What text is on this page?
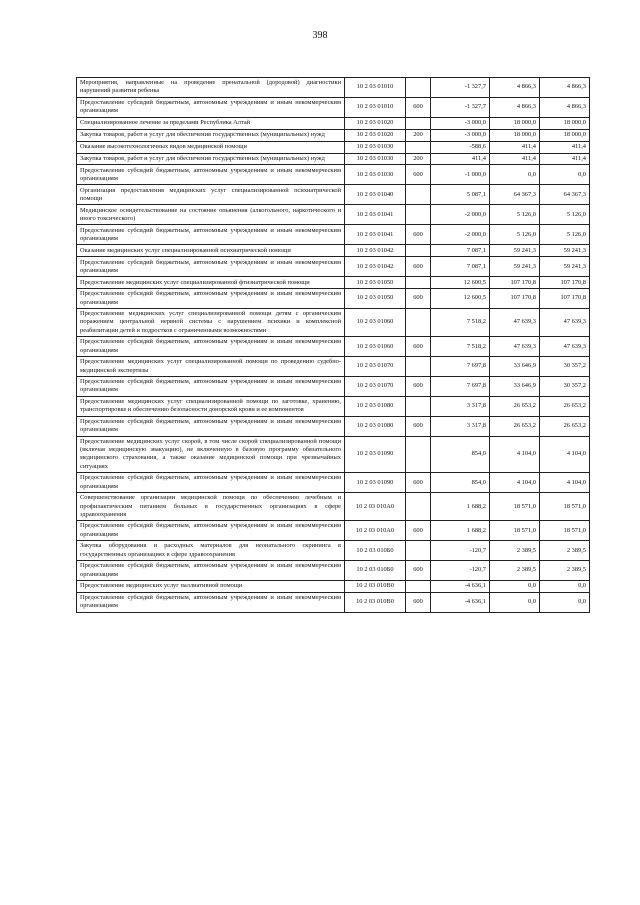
398
Мероприятия, направленные на проведение пренатальной (дородовой) диагностики нарушений развития ребенка	10 2 03 01010		-1 327,7	4 866,3	4 866,3
Предоставление субсидий бюджетным, автономным учреждениям и иным некоммерческим организациям	10 2 03 01010	600	-1 327,7	4 866,3	4 866,3
Специализированное лечение за пределами Республика Алтай	10 2 03 01020		-3 000,0	18 000,0	18 000,0
Закупка товаров, работ и услуг для обеспечения государственных (муниципальных) нужд	10 2 03 01020	200	-3 000,0	18 000,0	18 000,0
Оказание высокотехнологичных видов медицинской помощи	10 2 03 01030		-588,6	411,4	411,4
Закупка товаров, работ и услуг для обеспечения государственных (муниципальных) нужд	10 2 03 01030	200	411,4	411,4	411,4
Предоставление субсидий бюджетным, автономным учреждениям и иным некоммерческим организациям	10 2 03 01030	600	-1 000,0	0,0	0,0
Организация предоставления медицинских услуг специализированной психиатрической помощи	10 2 03 01040		5 087,1	64 367,3	64 367,3
Медицинское освидетельствование на состояние опьянения (алкогольного, наркотического и иного токсического)	10 2 03 01041		-2 000,0	5 126,0	5 126,0
Предоставление субсидий бюджетным, автономным учреждениям и иным некоммерческим организациям	10 2 03 01041	600	-2 000,0	5 126,0	5 126,0
Оказание медицинских услуг специализированной психиатрической помощи	10 2 03 01042		7 087,1	59 241,3	59 241,3
Предоставление субсидий бюджетным, автономным учреждениям и иным некоммерческим организациям	10 2 03 01042	600	7 087,1	59 241,3	59 241,3
Предоставление медицинских услуг специализированной фтизиатрической помощи	10 2 03 01050		12 600,5	107 170,8	107 170,8
Предоставление субсидий бюджетным, автономным учреждениям и иным некоммерческим организациям	10 2 03 01050	600	12 600,5	107 170,8	107 170,8
Предоставление медицинских услуг специализированной помощи детям с органическим поражением центральной нервной системы с нарушением психики и комплексной реабилитации детей и подростков с ограниченными возможностями	10 2 03 01060		7 518,2	47 639,3	47 639,3
Предоставление субсидий бюджетным, автономным учреждениям и иным некоммерческим организациям	10 2 03 01060	600	7 518,2	47 639,3	47 639,3
Предоставление медицинских услуг специализированной помощи по проведению судебно-медицинской экспертизы	10 2 03 01070		7 697,8	33 646,9	30 357,2
Предоставление субсидий бюджетным, автономным учреждениям и иным некоммерческим организациям	10 2 03 01070	600	7 697,8	33 646,9	30 357,2
Предоставление медицинских услуг специализированной помощи по заготовке, хранению, транспортировке и обеспечению безопасности донорской крови и ее компонентов	10 2 03 01080		3 317,8	26 653,2	26 653,2
Предоставление субсидий бюджетным, автономным учреждениям и иным некоммерческим организациям	10 2 03 01080	600	3 317,8	26 653,2	26 653,2
Предоставление медицинских услуг скорой, в том числе скорой специализированной помощи (включая медицинскую эвакуацию), не включенную в базовую программу обязательного медицинского страхования, а также оказание медицинской помощи при чрезвычайных ситуациях	10 2 03 01090		854,0	4 104,0	4 104,0
Предоставление субсидий бюджетным, автономным учреждениям и иным некоммерческим организациям	10 2 03 01090	600	854,0	4 104,0	4 104,0
Совершенствование организации медицинской помощи по обеспечению лечебным и профилактическим питанием больных в государственных организациях в сфере здравоохранения	10 2 03 010А0		1 688,2	18 571,0	18 571,0
Предоставление субсидий бюджетным, автономным учреждениям и иным некоммерческим организациям	10 2 03 010А0	600	1 688,2	18 571,0	18 571,0
Закупка оборудования и расходных материалов для неонатального скрининга в государственных организациях в сфере здравоохранения	10 2 03 010Б0		-120,7	2 389,5	2 389,5
Предоставление субсидий бюджетным, автономным учреждениям и иным некоммерческим организациям	10 2 03 010Б0	600	-120,7	2 389,5	2 389,5
Предоставление медицинских услуг паллиативной помощи	10 2 03 010В0		-4 636,1	0,0	0,0
Предоставление субсидий бюджетным, автономным учреждениям и иным некоммерческим организациям	10 2 03 010В0	600	-4 636,1	0,0	0,0
